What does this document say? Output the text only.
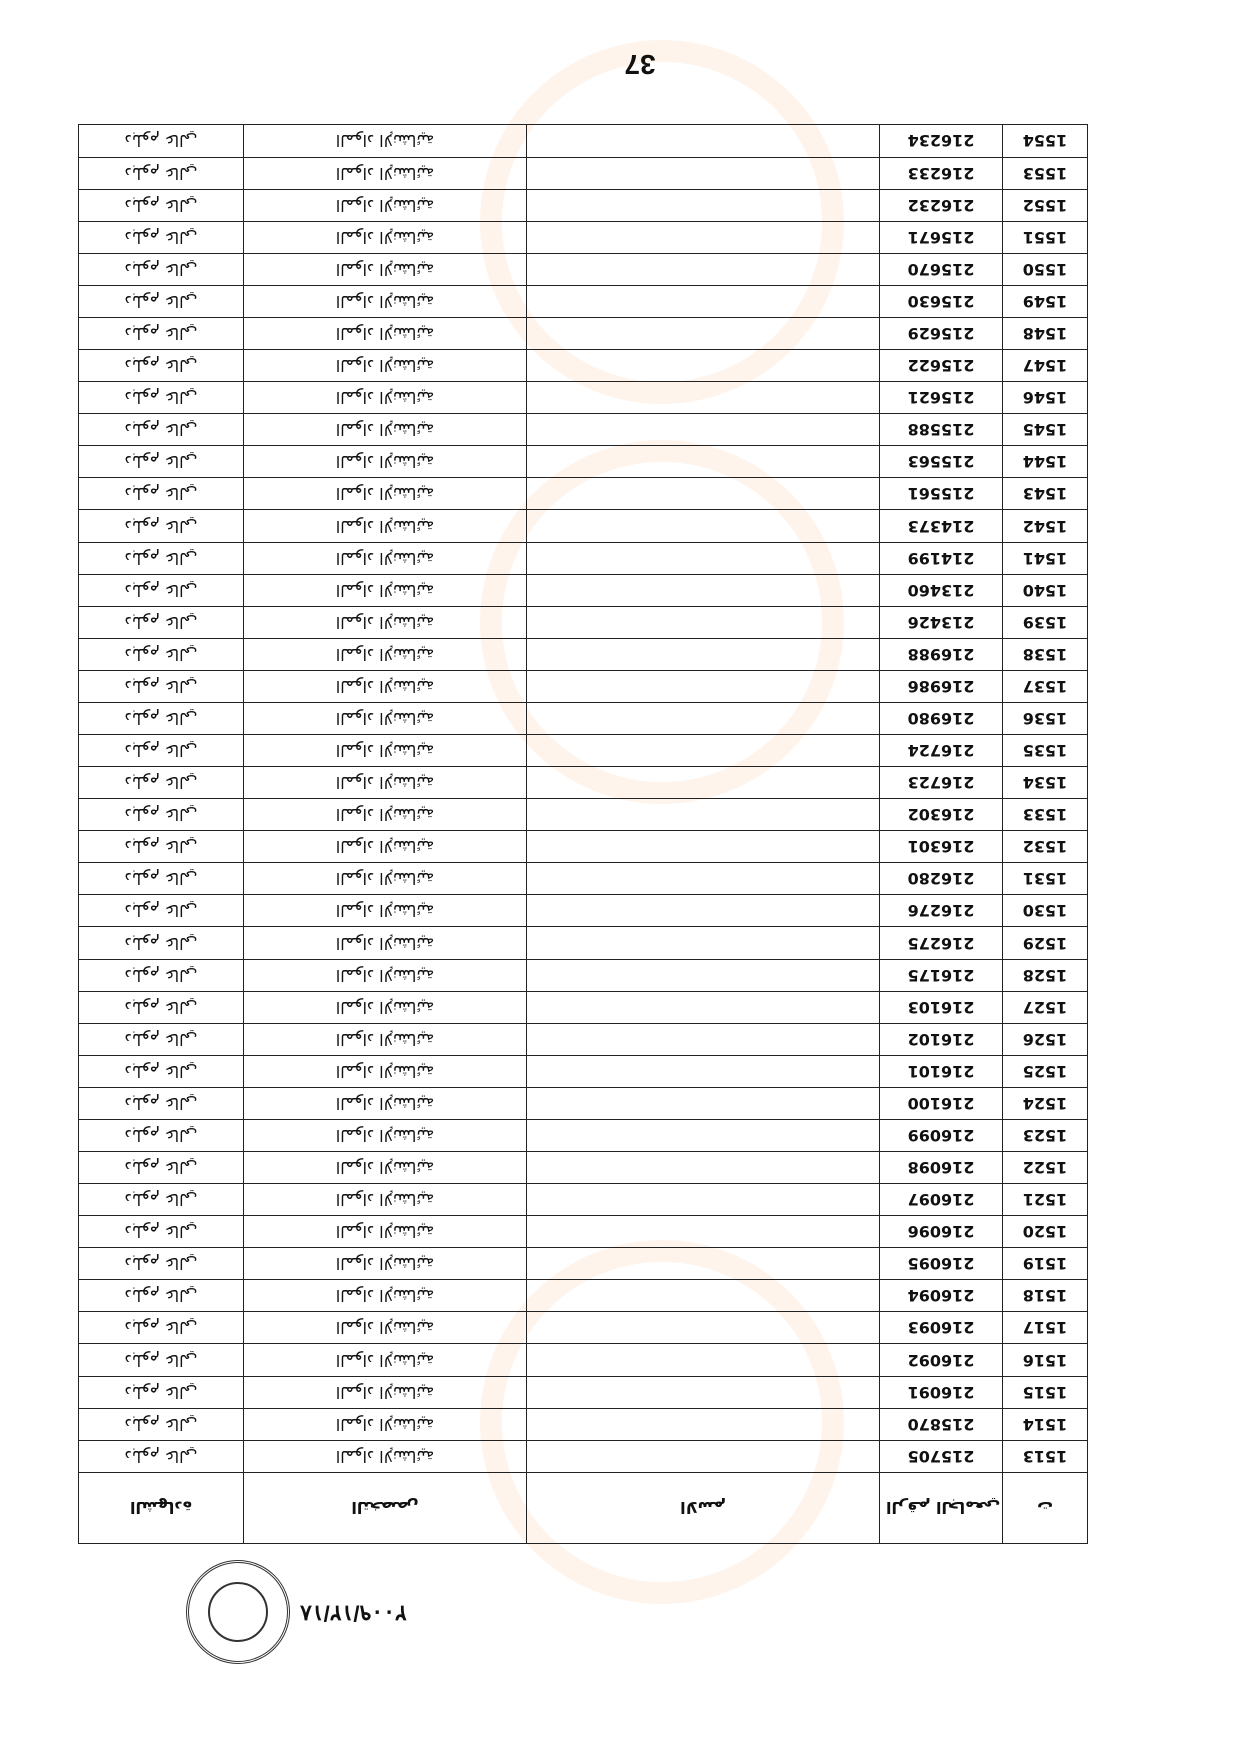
37
ت	الرقم الجامعي	الاسم	التخصص	الشهادة
1513	215705		المواد الإنشائية	دبلوم عالي
1514	215870		المواد الإنشائية	دبلوم عالي
1515	216091		المواد الإنشائية	دبلوم عالي
1516	216092		المواد الإنشائية	دبلوم عالي
1517	216093		المواد الإنشائية	دبلوم عالي
1518	216094		المواد الإنشائية	دبلوم عالي
1519	216095		المواد الإنشائية	دبلوم عالي
1520	216096		المواد الإنشائية	دبلوم عالي
1521	216097		المواد الإنشائية	دبلوم عالي
1522	216098		المواد الإنشائية	دبلوم عالي
1523	216099		المواد الإنشائية	دبلوم عالي
1524	216100		المواد الإنشائية	دبلوم عالي
1525	216101		المواد الإنشائية	دبلوم عالي
1526	216102		المواد الإنشائية	دبلوم عالي
1527	216103		المواد الإنشائية	دبلوم عالي
1528	216175		المواد الإنشائية	دبلوم عالي
1529	216275		المواد الإنشائية	دبلوم عالي
1530	216276		المواد الإنشائية	دبلوم عالي
1531	216280		المواد الإنشائية	دبلوم عالي
1532	216301		المواد الإنشائية	دبلوم عالي
1533	216302		المواد الإنشائية	دبلوم عالي
1534	216723		المواد الإنشائية	دبلوم عالي
1535	216724		المواد الإنشائية	دبلوم عالي
1536	216980		المواد الإنشائية	دبلوم عالي
1537	216986		المواد الإنشائية	دبلوم عالي
1538	216988		المواد الإنشائية	دبلوم عالي
1539	213426		المواد الإنشائية	دبلوم عالي
1540	213460		المواد الإنشائية	دبلوم عالي
1541	214199		المواد الإنشائية	دبلوم عالي
1542	214373		المواد الإنشائية	دبلوم عالي
1543	215561		المواد الإنشائية	دبلوم عالي
1544	215563		المواد الإنشائية	دبلوم عالي
1545	215588		المواد الإنشائية	دبلوم عالي
1546	215621		المواد الإنشائية	دبلوم عالي
1547	215622		المواد الإنشائية	دبلوم عالي
1548	215629		المواد الإنشائية	دبلوم عالي
1549	215630		المواد الإنشائية	دبلوم عالي
1550	215670		المواد الإنشائية	دبلوم عالي
1551	215671		المواد الإنشائية	دبلوم عالي
1552	216232		المواد الإنشائية	دبلوم عالي
1553	216233		المواد الإنشائية	دبلوم عالي
1554	216234		المواد الإنشائية	دبلوم عالي
٢٠٠٩/١٢/١٨
